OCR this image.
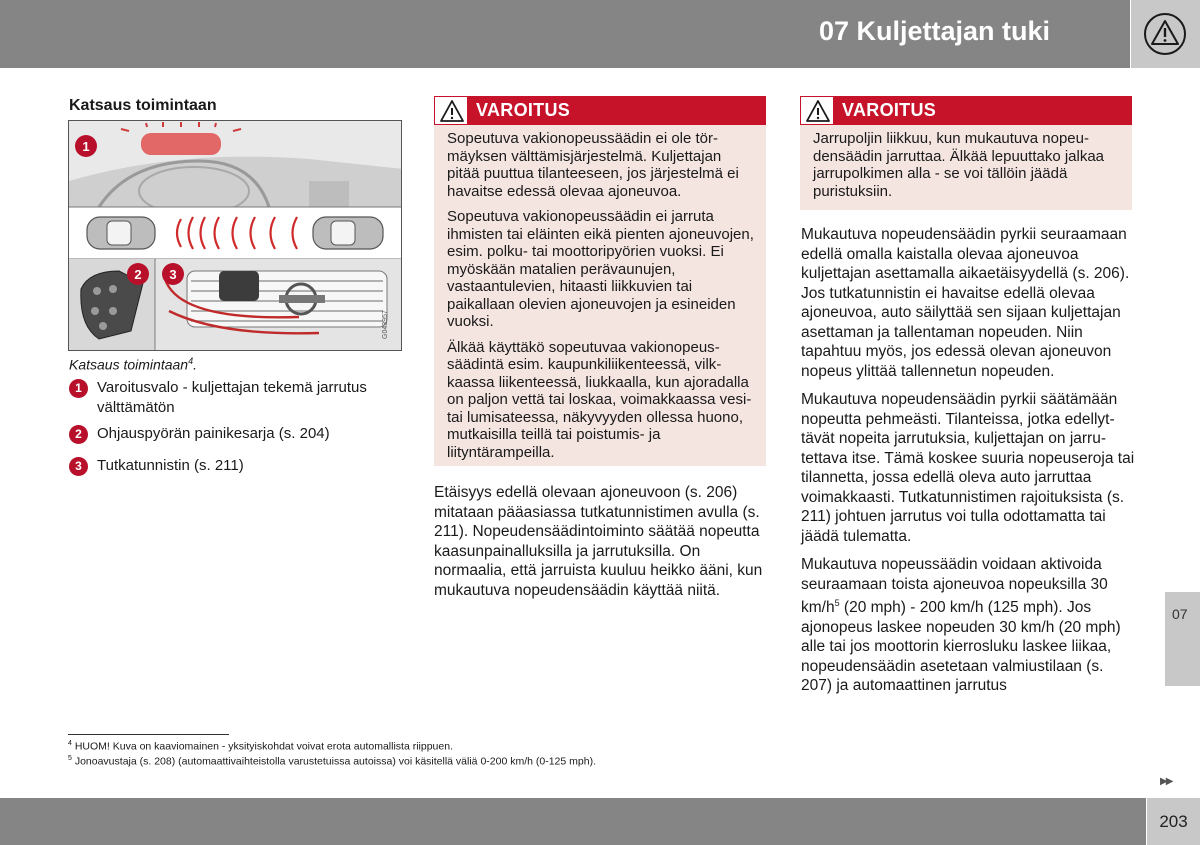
07 Kuljettajan tuki
Katsaus toimintaan
1
2 3
G043957
Katsaus toimintaan$^4$.
1	Varoitusvalo - kuljettajan tekemä jarrutus välttämätön
2	Ohjauspyörän painikesarja (s. 204)
3	Tutkatunnistin (s. 211)
VAROITUS

Sopeutuva vakionopeussäädin ei ole törmäyksen välttämisjärjestelmä. Kuljettajan pitää puuttua tilanteeseen, jos järjestelmä ei havaitse edessä olevaa ajoneuvoa.

Sopeutuva vakionopeussäädin ei jarruta ihmisten tai eläinten eikä pienten ajoneuvojen, esim. polku- tai moottoripyörien vuoksi. Ei myöskään matalien perävaunujen, vastaantulevien, hitaasti liikkuvien tai paikallaan olevien ajoneuvojen ja esineiden vuoksi.

Älkää käyttäkö sopeutuvaa vakionopeussäädintä esim. kaupunkiliikenteessä, vilkkaassa liikenteessä, liukkaalla, kun ajoradalla on paljon vettä tai loskaa, voimakkaassa vesi- tai lumisateessa, näkyvyyden ollessa huono, mutkaisilla teillä tai poistumis- ja liityntärampeilla.

Etäisyys edellä olevaan ajoneuvoon (s. 206) mitataan pääasiassa tutkatunnistimen avulla (s. 211). Nopeudensäädintoiminto säätää nopeutta kaasunpainalluksilla ja jarrutuksilla. On normaalia, että jarruista kuuluu heikko ääni, kun mukautuva nopeudensäädin käyttää niitä.

VAROITUS

Jarrupoljin liikkuu, kun mukautuva nopeudensäädin jarruttaa. Älkää lepuuttako jalkaa jarrupolkimen alla - se voi tällöin jäädä puristuksiin.

Mukautuva nopeudensäädin pyrkii seuraamaan edellä omalla kaistalla olevaa ajoneuvoa kuljettajan asettamalla aikaetäisyydellä (s. 206). Jos tutkatunnistin ei havaitse edellä olevaa ajoneuvoa, auto säilyttää sen sijaan kuljettajan asettaman ja tallentaman nopeuden. Niin tapahtuu myös, jos edessä olevan ajoneuvon nopeus ylittää tallennetun nopeuden.

Mukautuva nopeudensäädin pyrkii säätämään nopeutta pehmeästi. Tilanteissa, jotka edellyttävät nopeita jarrutuksia, kuljettajan on jarrutettava itse. Tämä koskee suuria nopeuseroja tai tilannetta, jossa edellä oleva auto jarruttaa voimakkaasti. Tutkatunnistimen rajoituksista (s. 211) johtuen jarrutus voi tulla odottamatta tai jäädä tulematta.

Mukautuva nopeussäädin voidaan aktivoida seuraamaan toista ajoneuvoa nopeuksilla 30 $km/h^5$ (20 mph) - 200 km/h (125 mph). Jos ajonopeus laskee nopeuden 30 km/h (20 mph) alle tai jos moottorin kierrosluku laskee liikaa, nopeudensäädin asetetaan valmiustilaan (s. 207) ja automaattinen jarrutus

$^4$ HUOM! Kuva on kaaviomainen - yksityiskohdat voivat erota automallista riippuen.
$^5$ Jonoavustaja (s. 208) (automaattivaihteistolla varustetuissa autoissa) voi käsitellä väliä 0-200 km/h (0-125 mph).
07
▶▶
203
